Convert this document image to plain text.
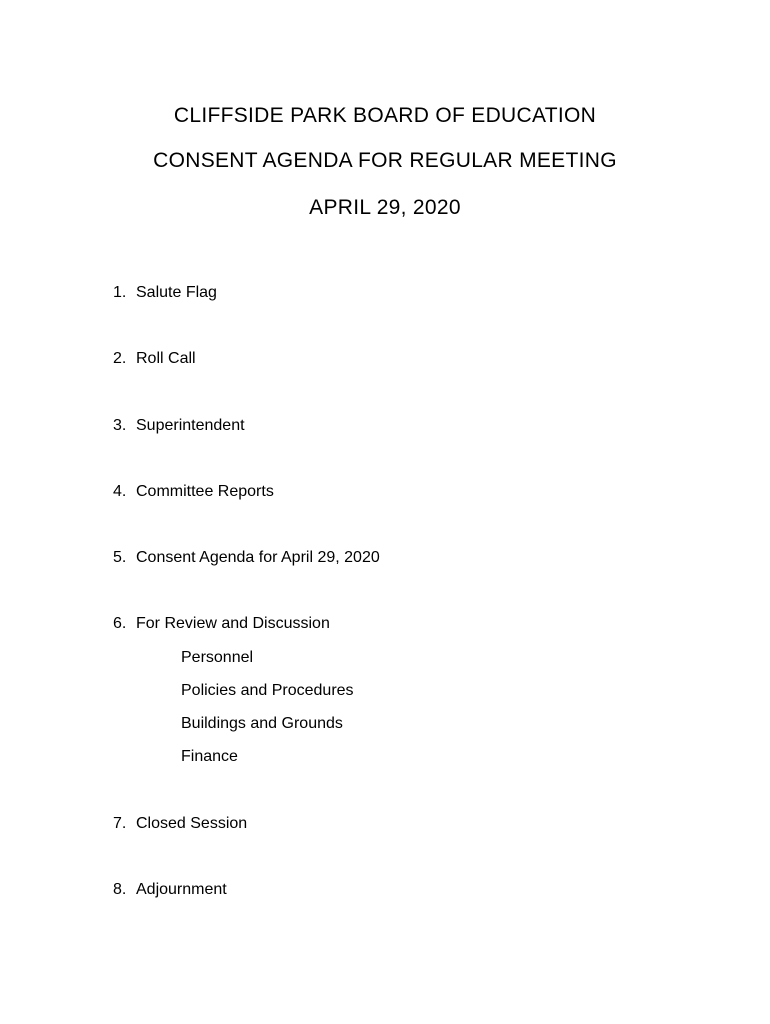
CLIFFSIDE PARK BOARD OF EDUCATION
CONSENT AGENDA FOR REGULAR MEETING
APRIL 29, 2020
1. Salute Flag
2. Roll Call
3. Superintendent
4. Committee Reports
5. Consent Agenda for April 29, 2020
6. For Review and Discussion
Personnel
Policies and Procedures
Buildings and Grounds
Finance
7. Closed Session
8. Adjournment
